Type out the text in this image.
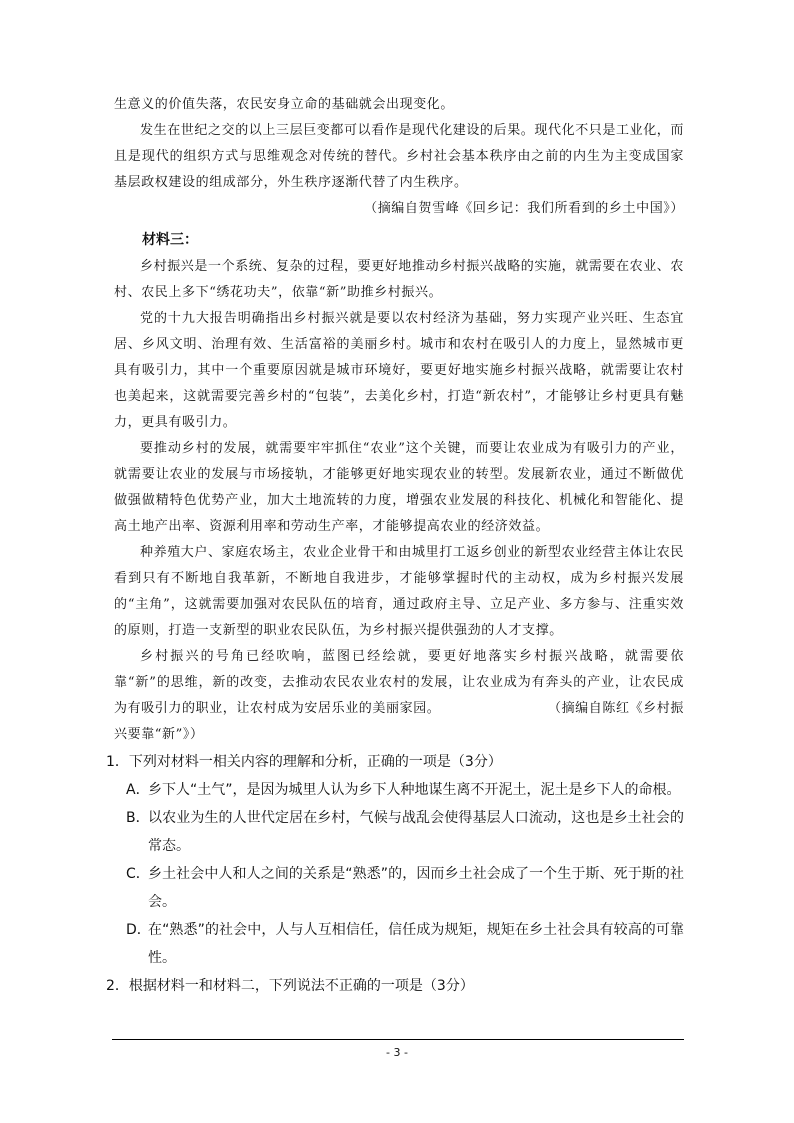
生意义的价值失落，农民安身立命的基础就会出现变化。

发生在世纪之交的以上三层巨变都可以看作是现代化建设的后果。现代化不只是工业化，而且是现代的组织方式与思维观念对传统的替代。乡村社会基本秩序由之前的内生为主变成国家基层政权建设的组成部分，外生秩序逐渐代替了内生秩序。

（摘编自贺雪峰《回乡记：我们所看到的乡土中国》）

材料三：

乡村振兴是一个系统、复杂的过程，要更好地推动乡村振兴战略的实施，就需要在农业、农村、农民上多下“绣花功夫”，依靠“新”助推乡村振兴。

党的十九大报告明确指出乡村振兴就是要以农村经济为基础，努力实现产业兴旺、生态宜居、乡风文明、治理有效、生活富裕的美丽乡村。城市和农村在吸引人的力度上，显然城市更具有吸引力，其中一个重要原因就是城市环境好，要更好地实施乡村振兴战略，就需要让农村也美起来，这就需要完善乡村的“包装”，去美化乡村，打造“新农村”，才能够让乡村更具有魅力，更具有吸引力。

要推动乡村的发展，就需要牢牢抓住“农业”这个关键，而要让农业成为有吸引力的产业，就需要让农业的发展与市场接轨，才能够更好地实现农业的转型。发展新农业，通过不断做优做强做精特色优势产业，加大土地流转的力度，增强农业发展的科技化、机械化和智能化、提高土地产出率、资源利用率和劳动生产率，才能够提高农业的经济效益。

种养殖大户、家庭农场主，农业企业骨干和由城里打工返乡创业的新型农业经营主体让农民看到只有不断地自我革新，不断地自我进步，才能够掌握时代的主动权，成为乡村振兴发展的“主角”，这就需要加强对农民队伍的培育，通过政府主导、立足产业、多方参与、注重实效的原则，打造一支新型的职业农民队伍，为乡村振兴提供强劲的人才支撑。

乡村振兴的号角已经吹响，蓝图已经绘就，要更好地落实乡村振兴战略，就需要依靠“新”的思维，新的改变，去推动农民农业农村的发展，让农业成为有奔头的产业，让农民成为有吸引力的职业，让农村成为安居乐业的美丽家园。	（摘编自陈红《乡村振

兴要靠“新”》）

1．下列对材料一相关内容的理解和分析，正确的一项是（3分）

A．
乡下人“土气”，是因为城里人认为乡下人种地谋生离不开泥土，泥土是乡下人的命根。
B．
以农业为生的人世代定居在乡村，气候与战乱会使得基层人口流动，这也是乡土社会的常态。
C．
乡土社会中人和人之间的关系是“熟悉”的，因而乡土社会成了一个生于斯、死于斯的社会。
D．
在“熟悉”的社会中，人与人互相信任，信任成为规矩，规矩在乡土社会具有较高的可靠性。

2．根据材料一和材料二，下列说法不正确的一项是（3分）

- 3 -
